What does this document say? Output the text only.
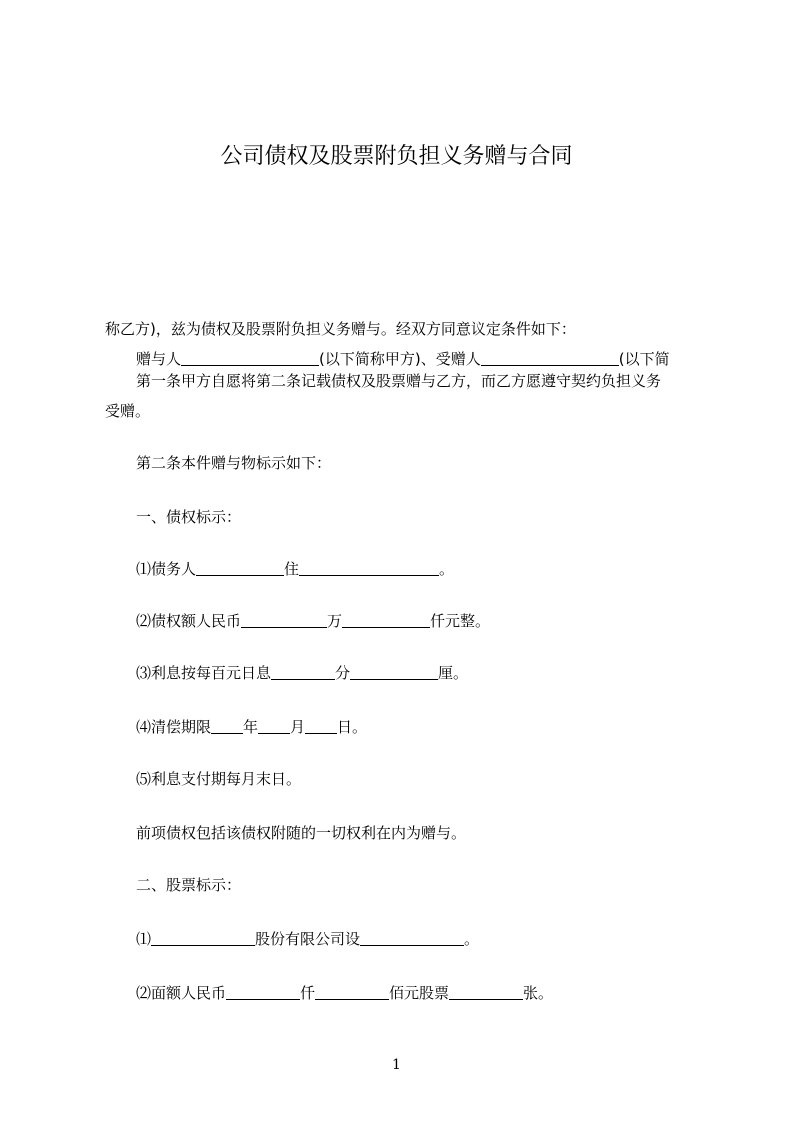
公司债权及股票附负担义务赠与合同

赠与人	(以下简称甲方)、受赠人	(以下简

称乙方)，兹为债权及股票附负担义务赠与。经双方同意议定条件如下：
第一条甲方自愿将第二条记载债权及股票赠与乙方，而乙方愿遵守契约负担义务
受赠。
第二条本件赠与物标示如下：
一、债权标示：
⑴债务人	住	。
⑵债权额人民币	万	仟元整。
⑶利息按每百元日息	分	厘。
⑷清偿期限 年 月 日。
⑸利息支付期每月末日。
前项债权包括该债权附随的一切权利在内为赠与。
二、股票标示：
⑴	股份有限公司设	。
⑵面额人民币	仟	佰元股票	张。
1
